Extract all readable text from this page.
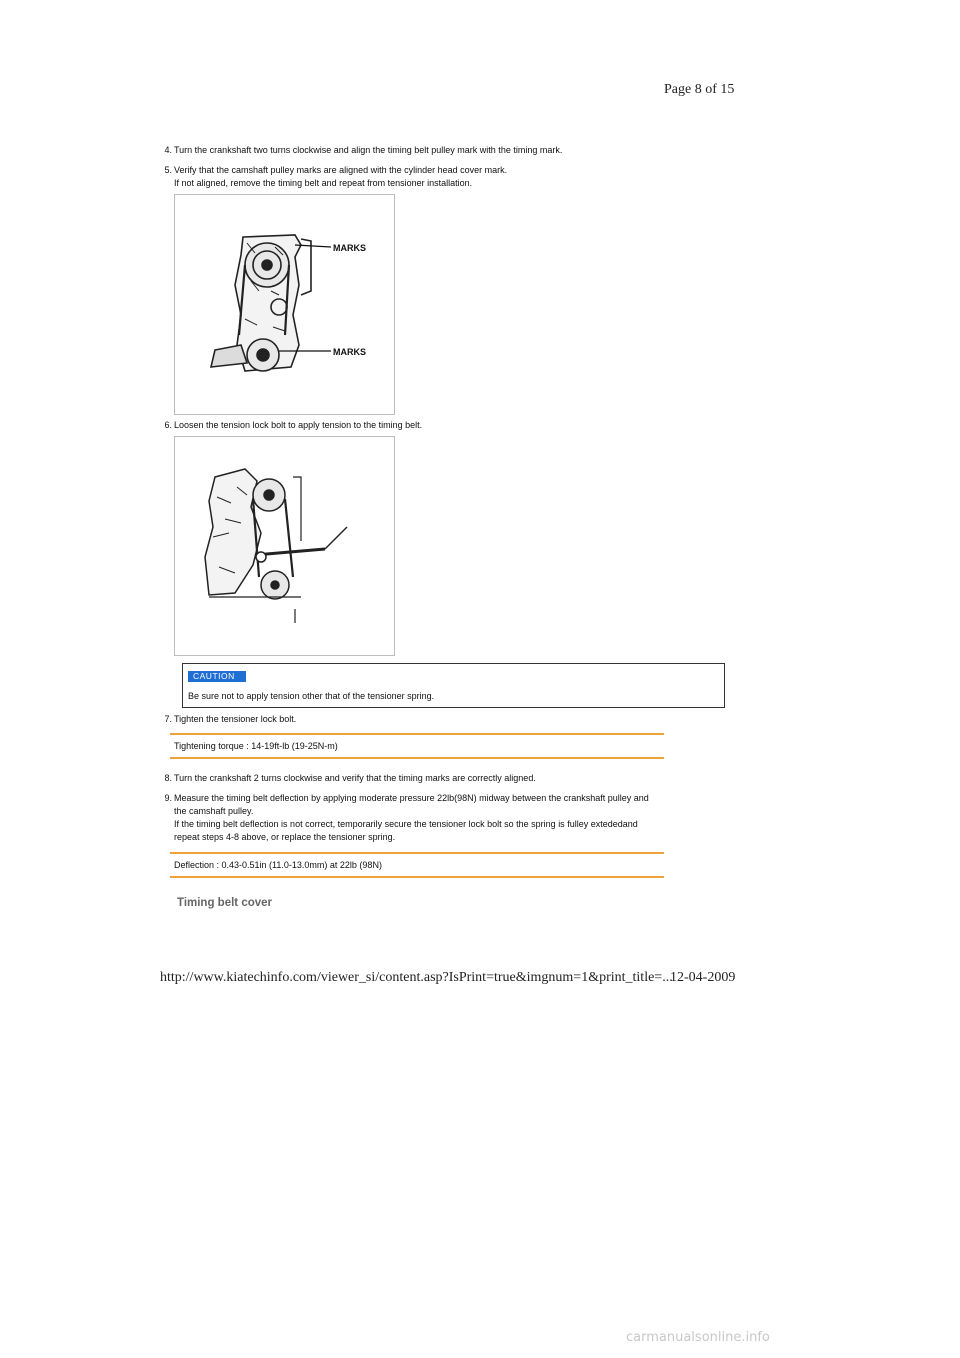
Page 8 of 15
4. Turn the crankshaft two turns clockwise and align the timing belt pulley mark with the timing mark.
5. Verify that the camshaft pulley marks are aligned with the cylinder head cover mark.
If not aligned, remove the timing belt and repeat from tensioner installation.
MARKS
MARKS
6. Loosen the tension lock bolt to apply tension to the timing belt.
CAUTION
Be sure not to apply tension other that of the tensioner spring.
7. Tighten the tensioner lock bolt.
Tightening torque : 14-19ft-lb (19-25N-m)
8. Turn the crankshaft 2 turns clockwise and verify that the timing marks are correctly aligned.
9. Measure the timing belt deflection by applying moderate pressure 22lb(98N) midway between the crankshaft pulley and
the camshaft pulley.
If the timing belt deflection is not correct, temporarily secure the tensioner lock bolt so the spring is fulley extededand
repeat steps 4-8 above, or replace the tensioner spring.
Deflection : 0.43-0.51in (11.0-13.0mm) at 22lb (98N)
Timing belt cover
http://www.kiatechinfo.com/viewer_si/content.asp?IsPrint=true&imgnum=1&print_title=...
12-04-2009
carmanualsonline.info
